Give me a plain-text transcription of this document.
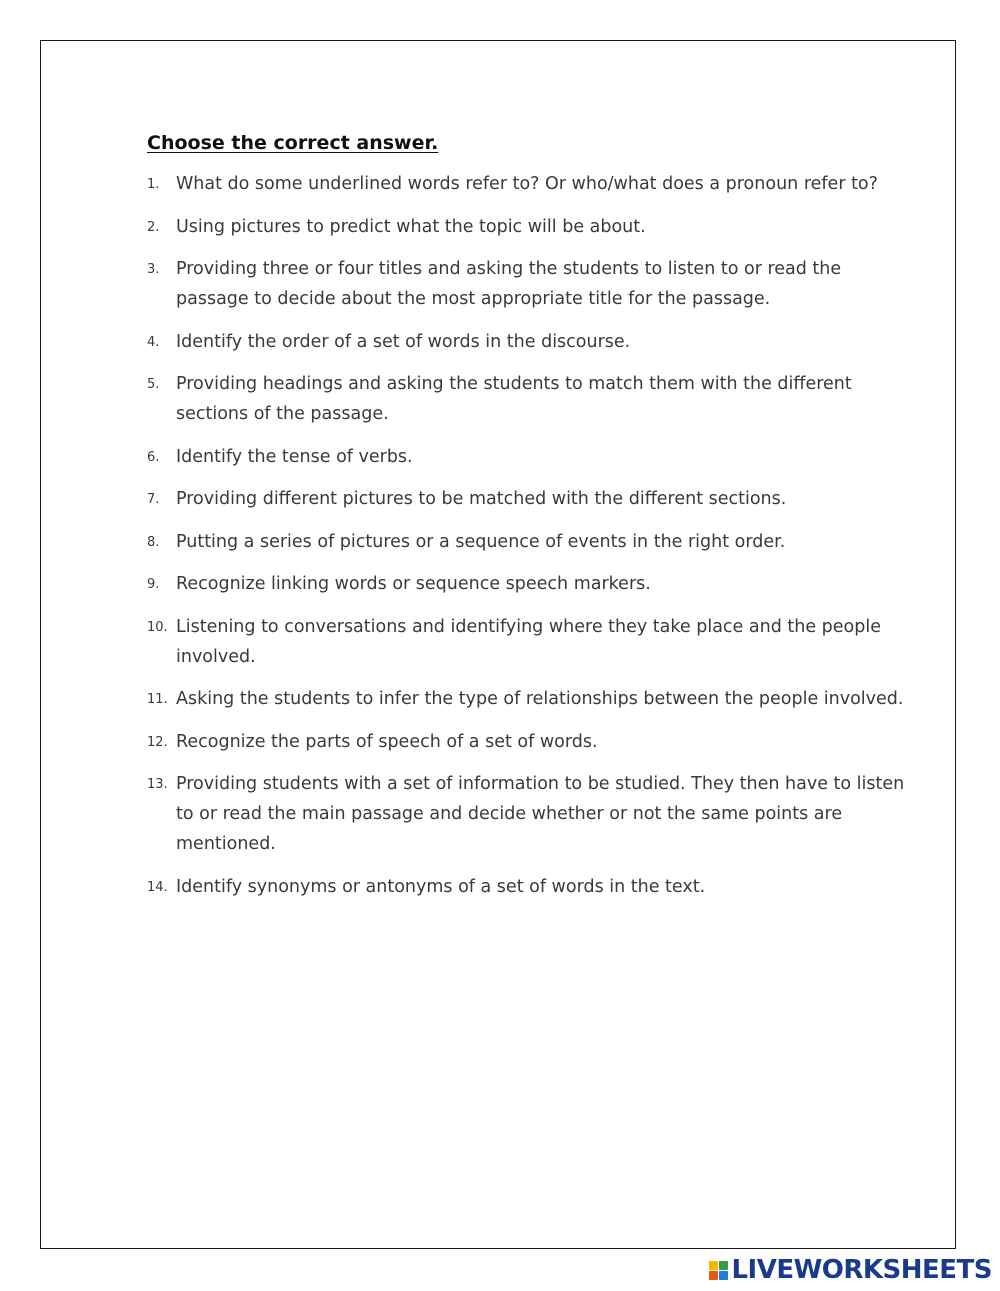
Choose the correct answer.
1. What do some underlined words refer to? Or who/what does a pronoun refer to?
2. Using pictures to predict what the topic will be about.
3. Providing three or four titles and asking the students to listen to or read the passage to decide about the most appropriate title for the passage.
4. Identify the order of a set of words in the discourse.
5. Providing headings and asking the students to match them with the different sections of the passage.
6. Identify the tense of verbs.
7. Providing different pictures to be matched with the different sections.
8. Putting a series of pictures or a sequence of events in the right order.
9. Recognize linking words or sequence speech markers.
10. Listening to conversations and identifying where they take place and the people involved.
11. Asking the students to infer the type of relationships between the people involved.
12. Recognize the parts of speech of a set of words.
13. Providing students with a set of information to be studied. They then have to listen to or read the main passage and decide whether or not the same points are mentioned.
14. Identify synonyms or antonyms of a set of words in the text.
LIVEWORKSHEETS
